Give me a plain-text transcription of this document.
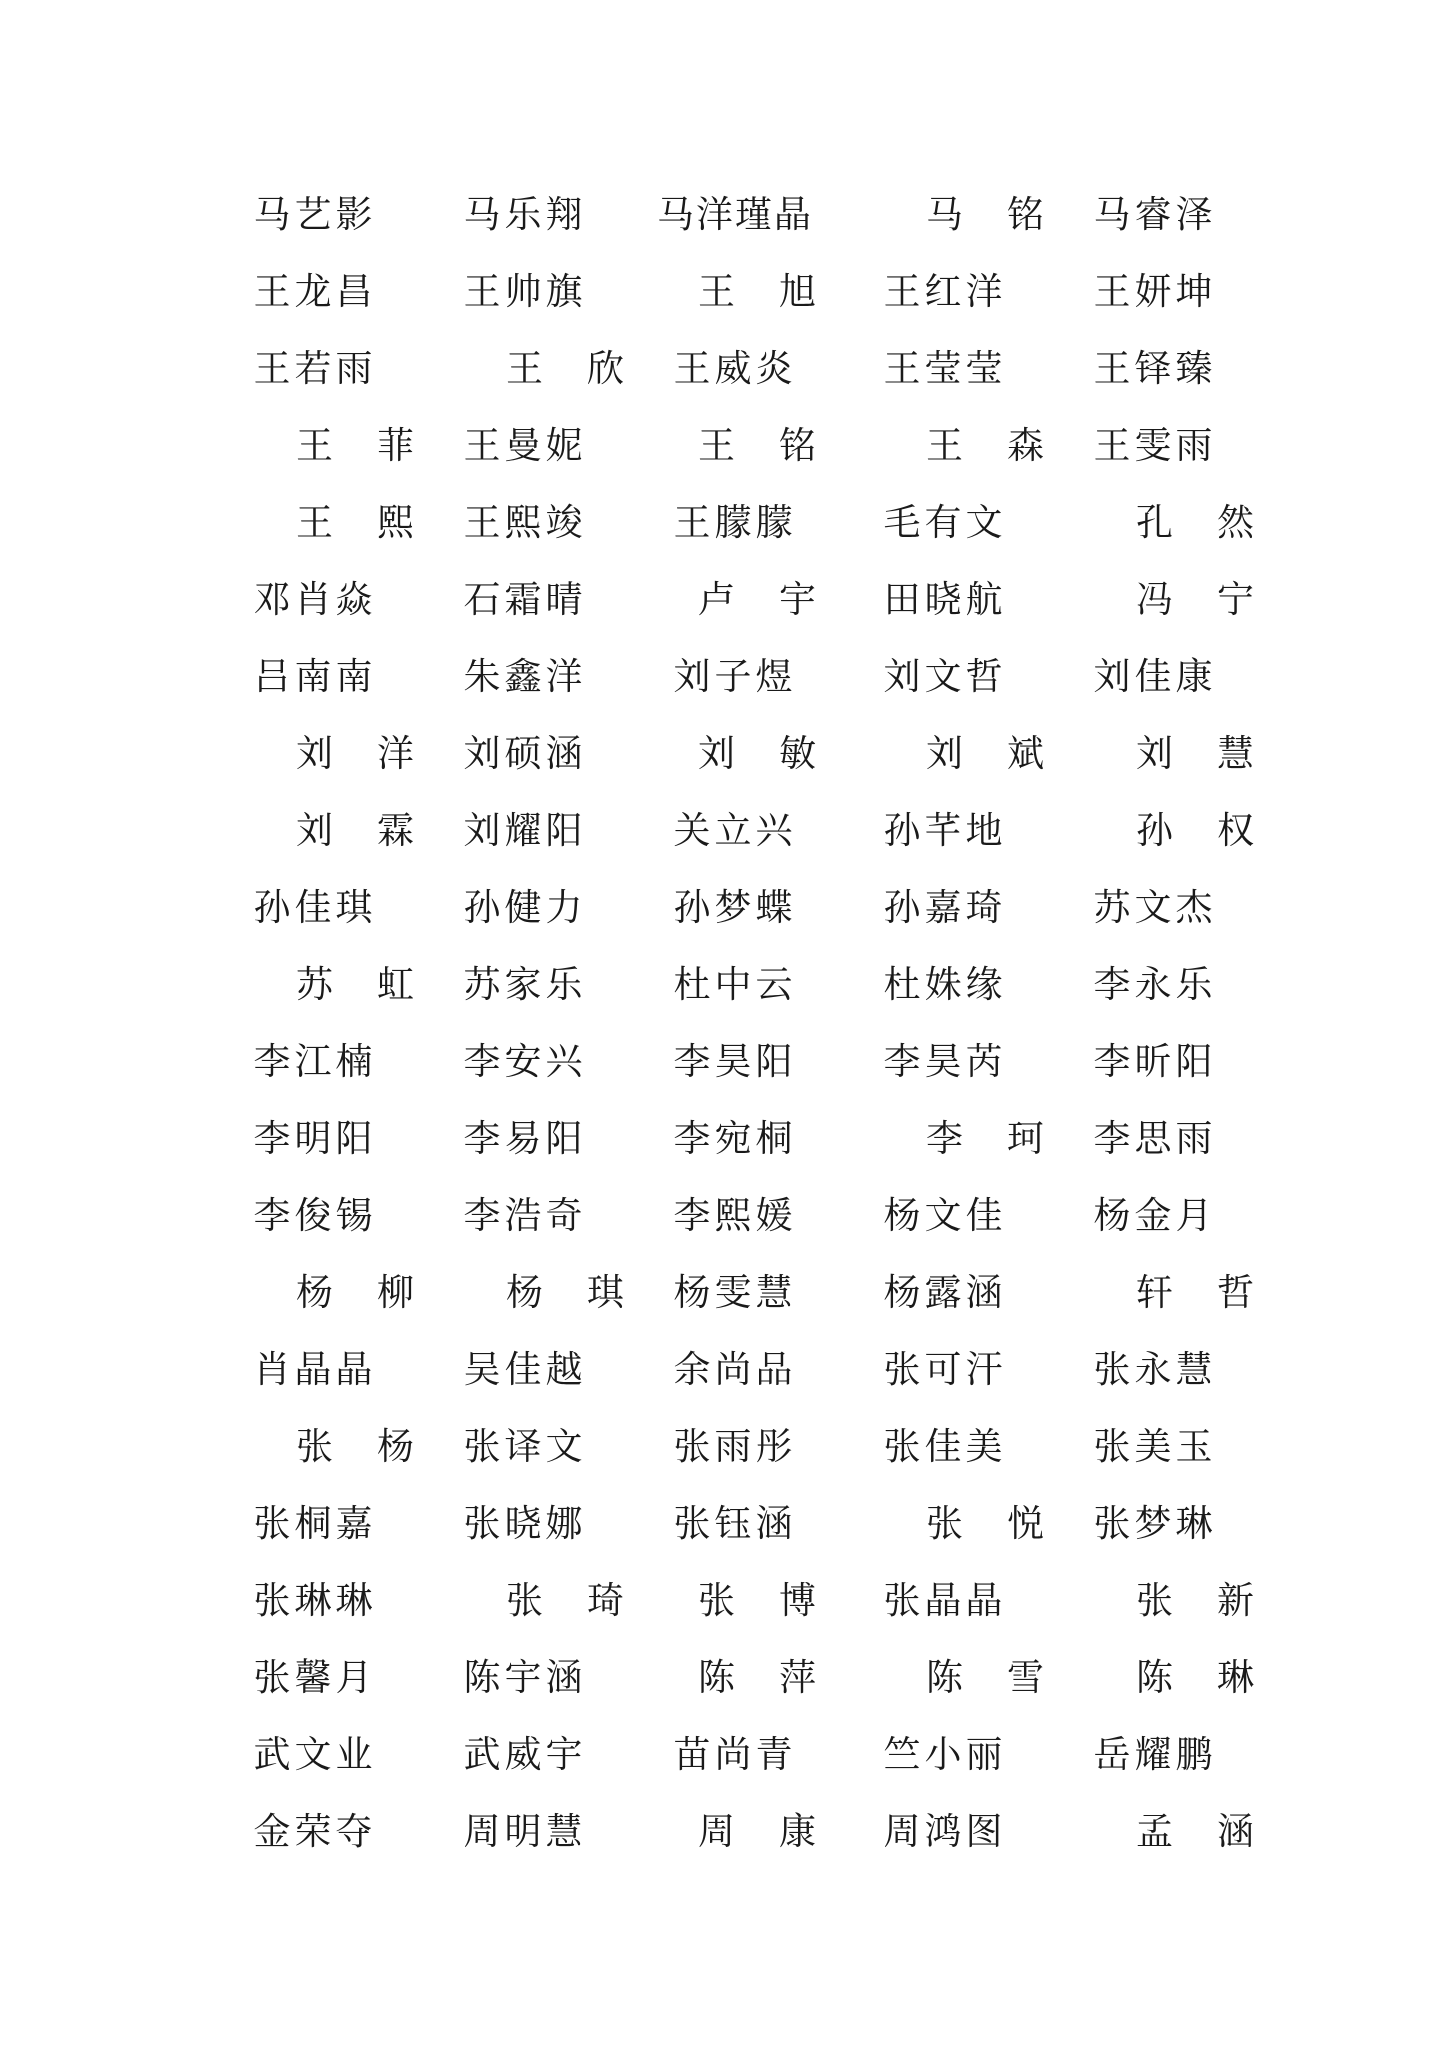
马艺影 马乐翔 马洋瑾晶	马铭 马睿泽
王龙昌 王帅旗	王旭 王红洋 王妍坤
王若雨	王欣 王威炎	王莹莹 王铎臻
王菲 王曼妮	王铭	王森 王雯雨
王熙 王熙竣	王朦朦	毛有文	孔然
邓肖焱 石霜晴	卢宇 田晓航	冯宁
吕南南 朱鑫洋	刘子煜	刘文哲 刘佳康
刘洋 刘硕涵	刘敏	刘斌	刘慧
刘霖 刘耀阳	关立兴	孙芊地	孙权
孙佳琪 孙健力	孙梦蝶	孙嘉琦 苏文杰
苏虹 苏家乐	杜中云	杜姝缘 李永乐
李江楠 李安兴	李昊阳	李昊芮 李昕阳
李明阳 李易阳	李宛桐	李珂 李思雨
李俊锡 李浩奇	李熙媛	杨文佳 杨金月
杨柳	杨琪 杨雯慧	杨露涵	轩哲
肖晶晶 吴佳越	余尚品	张可汗 张永慧
张杨 张译文	张雨彤	张佳美 张美玉
张桐嘉 张晓娜	张钰涵	张悦 张梦琳
张琳琳	张琦 张博 张晶晶	张新
张馨月 陈宇涵	陈萍	陈雪	陈琳
武文业 武威宇	苗尚青	竺小丽 岳耀鹏
金荣夺 周明慧	周康 周鸿图	孟涵
